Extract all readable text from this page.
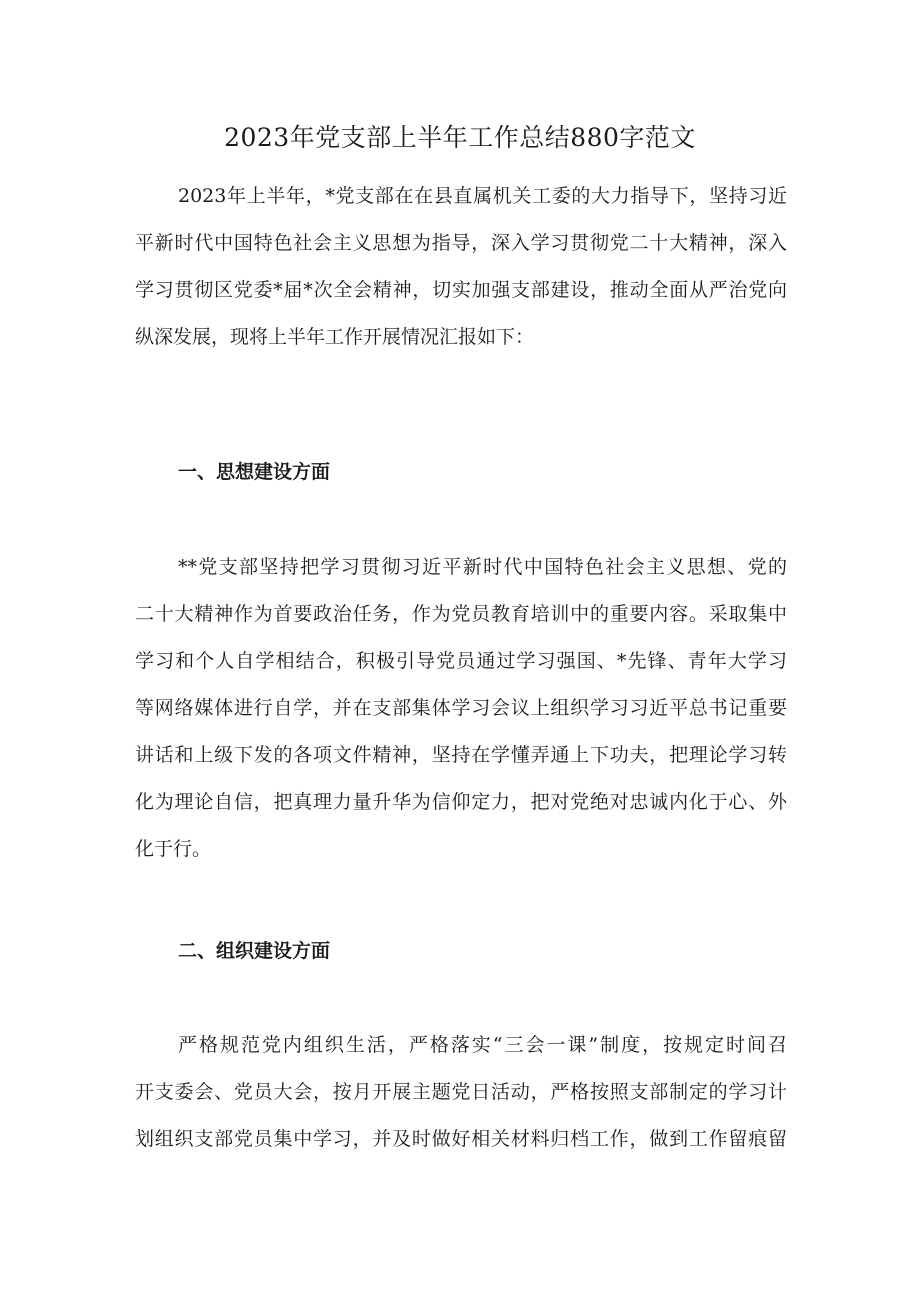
2023年党支部上半年工作总结880字范文
2023年上半年，*党支部在在县直属机关工委的大力指导下，坚持习近
平新时代中国特色社会主义思想为指导，深入学习贯彻党二十大精神，深入
学习贯彻区党委*届*次全会精神，切实加强支部建设，推动全面从严治党向
纵深发展，现将上半年工作开展情况汇报如下：
一、思想建设方面
**党支部坚持把学习贯彻习近平新时代中国特色社会主义思想、党的
二十大精神作为首要政治任务，作为党员教育培训中的重要内容。采取集中
学习和个人自学相结合，积极引导党员通过学习强国、*先锋、青年大学习
等网络媒体进行自学，并在支部集体学习会议上组织学习习近平总书记重要
讲话和上级下发的各项文件精神，坚持在学懂弄通上下功夫，把理论学习转
化为理论自信，把真理力量升华为信仰定力，把对党绝对忠诚内化于心、外
化于行。
二、组织建设方面
严格规范党内组织生活，严格落实“三会一课”制度，按规定时间召
开支委会、党员大会，按月开展主题党日活动，严格按照支部制定的学习计
划组织支部党员集中学习，并及时做好相关材料归档工作，做到工作留痕留
